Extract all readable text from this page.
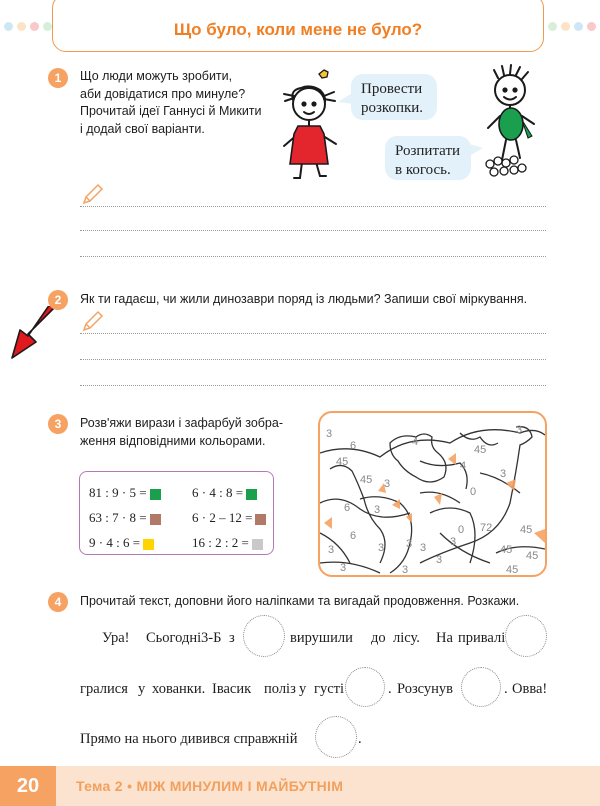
Що було, коли мене не було?
1	Що люди можуть зробити,
аби довідатися про минуле?
Прочитай ідеї Ганнусі й Микити
і додай свої варіанти.
Провести
розкопки.
Розпитати
в когось.
2	Як ти гадаєш, чи жили динозаври поряд із людьми? Запиши свої міркування.
3	Розв'яжи вирази і зафарбуй зобра-
ження відповідними кольорами.
81 : 9 · 5 =	6 · 4 : 8 =
63 : 7 · 8 =	6 · 2 – 12 =
9 · 4 : 6 =	16 : 2 : 2 =
3
6	4
45
3
45
45
4
3
0
6 3
72	45
6
3 3
3
3	45
3 3
3	45
0
3
45
3
4	Прочитай текст, доповни його наліпками та вигадай продовження. Розкажи.
Ура! Сьогодні 3-Б з	вирушили до лісу. На привалі
гралися у хованки. Івасик поліз у густі	. Розсунув	. Овва!
Прямо на нього дивився справжній	.
20	Тема 2 • МІЖ МИНУЛИМ І МАЙБУТНІМ
